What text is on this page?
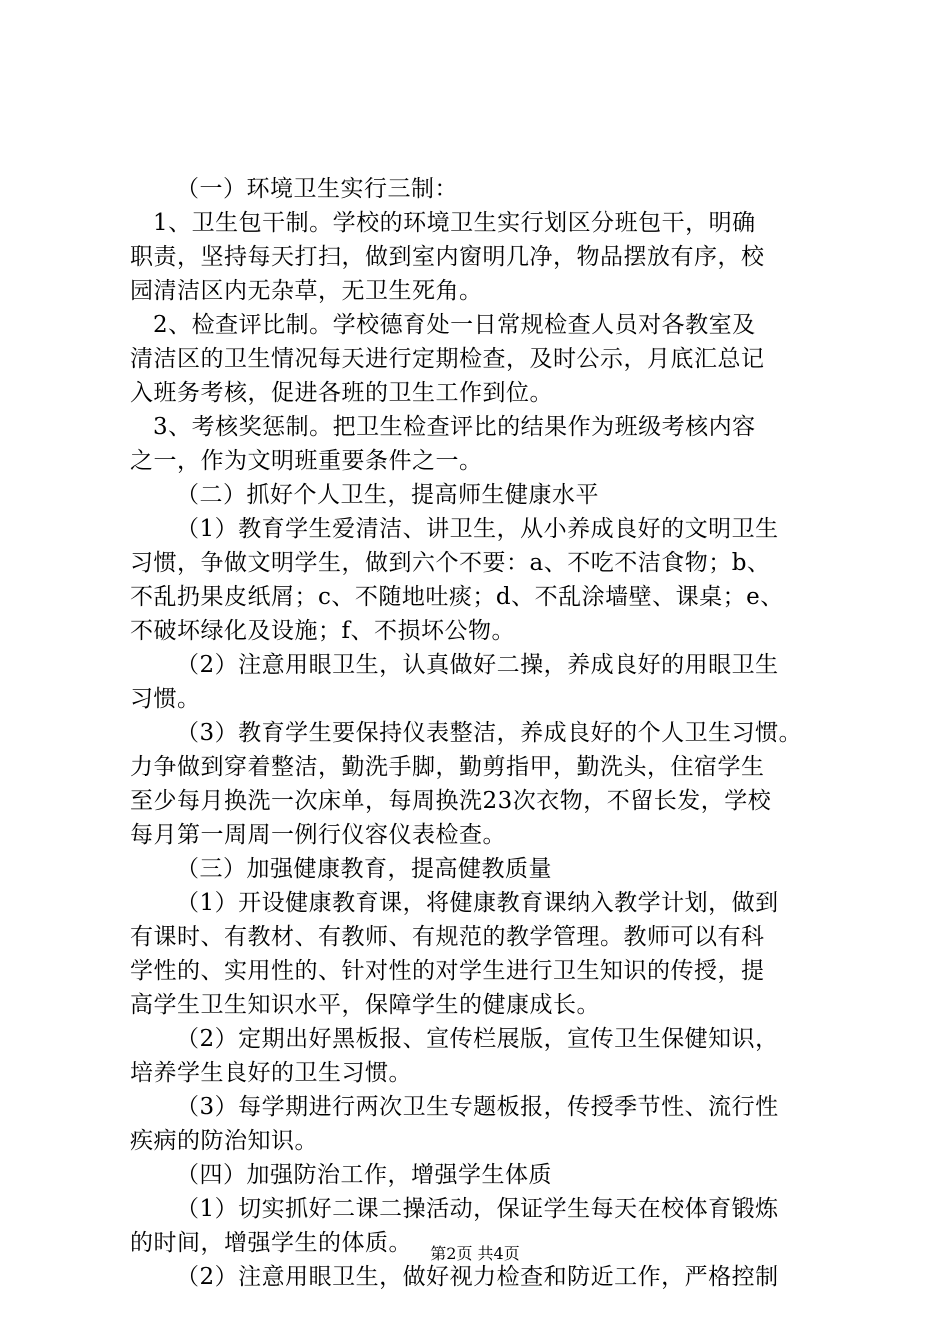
（一）环境卫生实行三制：
1、卫生包干制。学校的环境卫生实行划区分班包干，明确
职责，坚持每天打扫，做到室内窗明几净，物品摆放有序，校
园清洁区内无杂草，无卫生死角。
2、检查评比制。学校德育处一日常规检查人员对各教室及
清洁区的卫生情况每天进行定期检查，及时公示，月底汇总记
入班务考核，促进各班的卫生工作到位。
3、考核奖惩制。把卫生检查评比的结果作为班级考核内容
之一，作为文明班重要条件之一。
（二）抓好个人卫生，提高师生健康水平
（1）教育学生爱清洁、讲卫生，从小养成良好的文明卫生
习惯，争做文明学生，做到六个不要：a、不吃不洁食物；b、
不乱扔果皮纸屑；c、不随地吐痰；d、不乱涂墙壁、课桌；e、
不破坏绿化及设施；f、不损坏公物。
（2）注意用眼卫生，认真做好二操，养成良好的用眼卫生
习惯。
（3）教育学生要保持仪表整洁，养成良好的个人卫生习惯。
力争做到穿着整洁，勤洗手脚，勤剪指甲，勤洗头，住宿学生
至少每月换洗一次床单，每周换洗23次衣物，不留长发，学校
每月第一周周一例行仪容仪表检查。
（三）加强健康教育，提高健教质量
（1）开设健康教育课，将健康教育课纳入教学计划，做到
有课时、有教材、有教师、有规范的教学管理。教师可以有科
学性的、实用性的、针对性的对学生进行卫生知识的传授，提
高学生卫生知识水平，保障学生的健康成长。
（2）定期出好黑板报、宣传栏展版，宣传卫生保健知识，
培养学生良好的卫生习惯。
（3）每学期进行两次卫生专题板报，传授季节性、流行性
疾病的防治知识。
（四）加强防治工作，增强学生体质
（1）切实抓好二课二操活动，保证学生每天在校体育锻炼
的时间，增强学生的体质。
（2）注意用眼卫生，做好视力检查和防近工作，严格控制
第2页 共4页
